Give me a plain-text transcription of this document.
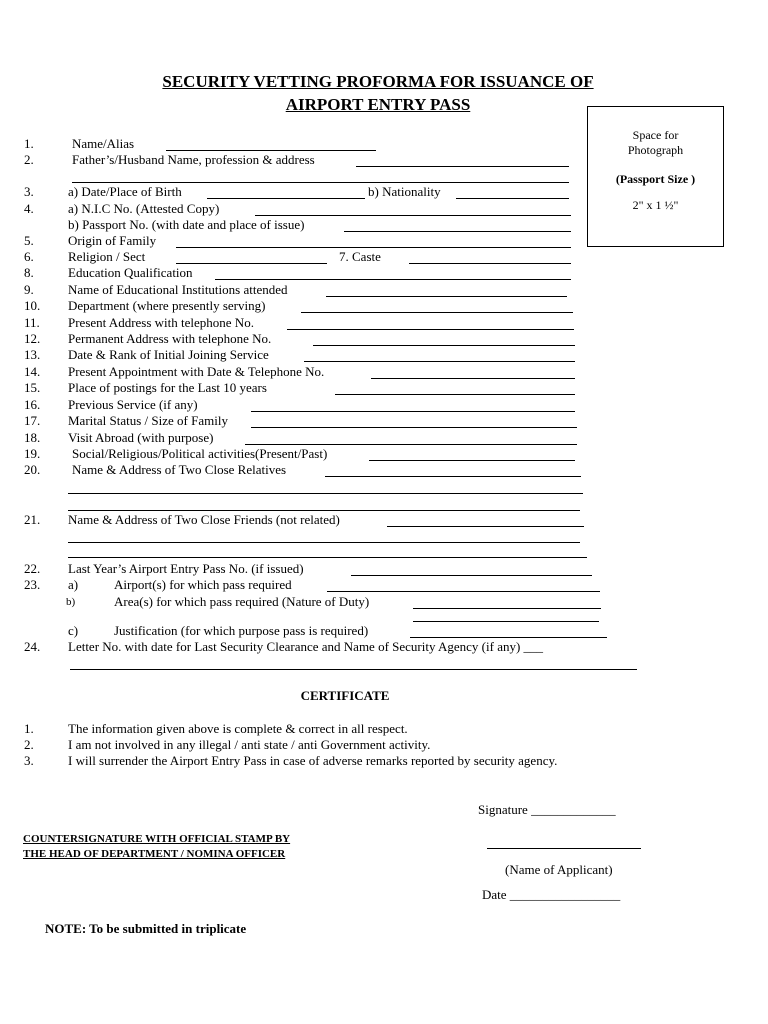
SECURITY VETTING PROFORMA FOR ISSUANCE OF
AIRPORT ENTRY PASS
Space for
Photograph
(Passport Size )
2" x 1 ½"
1.	Name/Alias
2.	Father’s/Husband Name, profession & address
3.	a) Date/Place of Birth	b) Nationality
4.	a) N.I.C No. (Attested Copy)
b) Passport No. (with date and place of issue)
5.	Origin of Family
6.	Religion / Sect	7. Caste
8.	Education Qualification
9.	Name of Educational Institutions attended
10. Department (where presently serving)
11. Present Address with telephone No.
12. Permanent Address with telephone No.
13. Date & Rank of Initial Joining Service
14. Present Appointment with Date & Telephone No.
15. Place of postings for the Last 10 years
16. Previous Service (if any)
17. Marital Status / Size of Family
18. Visit Abroad (with purpose)
19. Social/Religious/Political activities(Present/Past)
20. Name & Address of Two Close Relatives
21. Name & Address of Two Close Friends (not related)
22. Last Year’s Airport Entry Pass No. (if issued)
23. a)	Airport(s) for which pass required
b)	Area(s) for which pass required (Nature of Duty)
c)	Justification (for which purpose pass is required)
24. Letter No. with date for Last Security Clearance and Name of Security Agency (if any) ___
CERTIFICATE
1.	The information given above is complete & correct in all respect.
2.	I am not involved in any illegal / anti state / anti Government activity.
3.	I will surrender the Airport Entry Pass in case of adverse remarks reported by security agency.
Signature _____________
(Name of Applicant)
Date _________________
COUNTERSIGNATURE WITH OFFICIAL STAMP BY
THE HEAD OF DEPARTMENT / NOMINA OFFICER
NOTE: To be submitted in triplicate
